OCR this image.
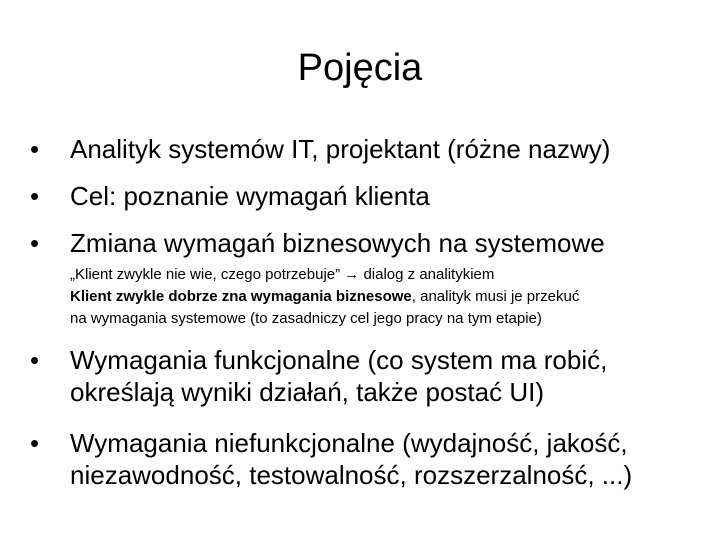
Pojęcia
•	Analityk systemów IT, projektant (różne nazwy)
•	Cel: poznanie wymagań klienta
•	Zmiana wymagań biznesowych na systemowe
„Klient zwykle nie wie, czego potrzebuje” → dialog z analitykiem
Klient zwykle dobrze zna wymagania biznesowe, analityk musi je przekuć
na wymagania systemowe (to zasadniczy cel jego pracy na tym etapie)
•	Wymagania funkcjonalne (co system ma robić,
określają wyniki działań, także postać UI)
•	Wymagania niefunkcjonalne (wydajność, jakość,
niezawodność, testowalność, rozszerzalność, ...)
